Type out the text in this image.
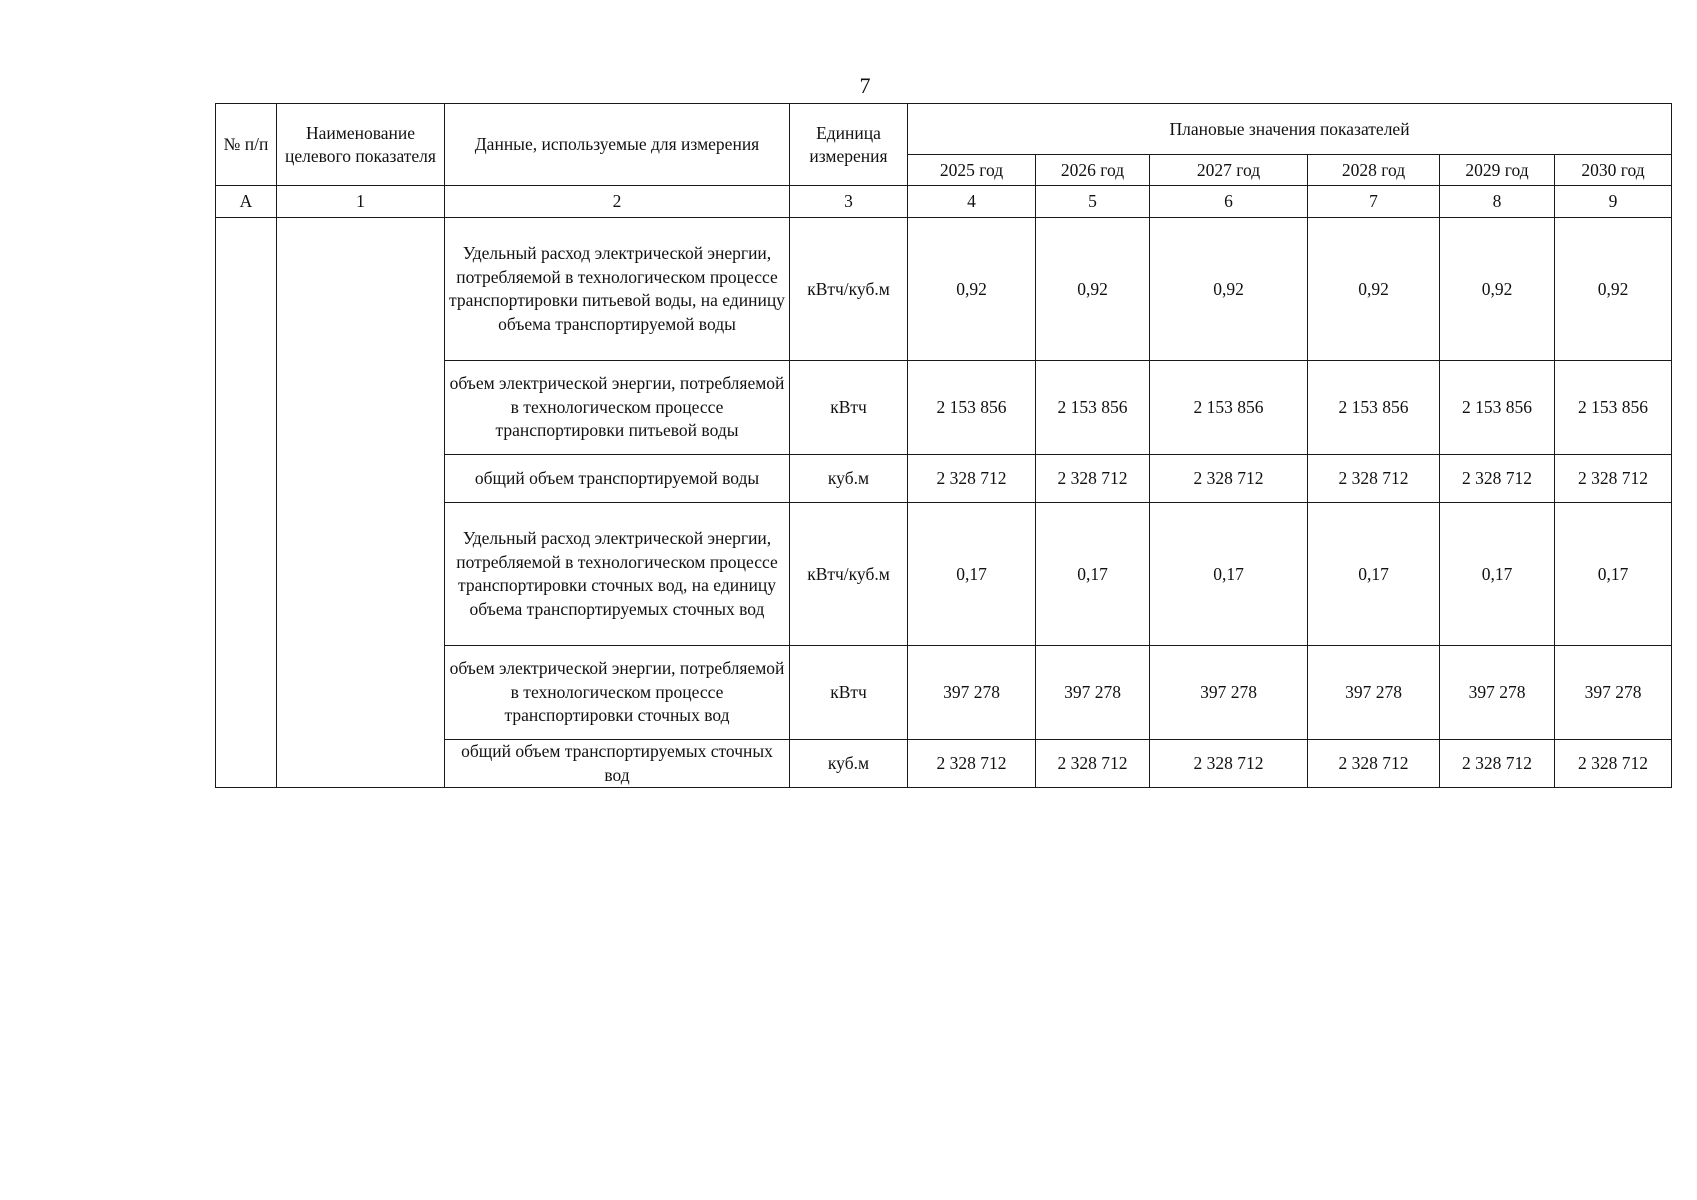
7
№ п/п	Наименование целевого показателя	Данные, используемые для измерения	Единица измерения	Плановые значения показателей					
				2025 год	2026 год	2027 год	2028 год	2029 год	2030 год
А	1	2	3	4	5	6	7	8	9
		Удельный расход электрической энергии, потребляемой в технологическом процессе транспортировки питьевой воды, на единицу объема транспортируемой воды	кВтч/куб.м	0,92	0,92	0,92	0,92	0,92	0,92
		объем электрической энергии, потребляемой в технологическом процессе транспортировки питьевой воды	кВтч	2 153 856	2 153 856	2 153 856	2 153 856	2 153 856	2 153 856
		общий объем транспортируемой воды	куб.м	2 328 712	2 328 712	2 328 712	2 328 712	2 328 712	2 328 712
		Удельный расход электрической энергии, потребляемой в технологическом процессе транспортировки сточных вод, на единицу объема транспортируемых сточных вод	кВтч/куб.м	0,17	0,17	0,17	0,17	0,17	0,17
		объем электрической энергии, потребляемой в технологическом процессе транспортировки сточных вод	кВтч	397 278	397 278	397 278	397 278	397 278	397 278
		общий объем транспортируемых сточных вод	куб.м	2 328 712	2 328 712	2 328 712	2 328 712	2 328 712	2 328 712
